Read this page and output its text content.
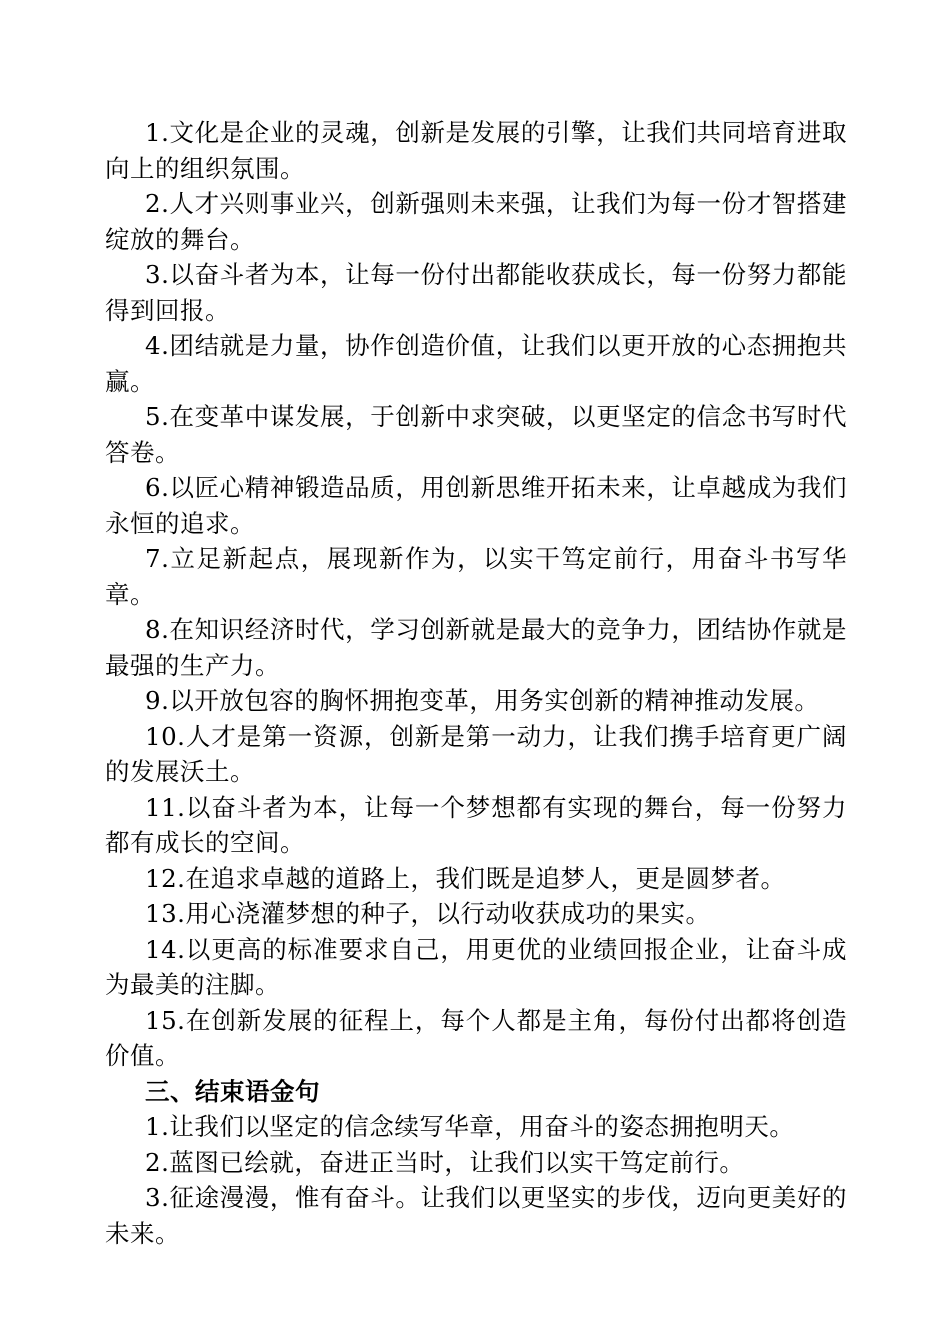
1.文化是企业的灵魂，创新是发展的引擎，让我们共同培育进取向上的组织氛围。

2.人才兴则事业兴，创新强则未来强，让我们为每一份才智搭建绽放的舞台。

3.以奋斗者为本，让每一份付出都能收获成长，每一份努力都能得到回报。

4.团结就是力量，协作创造价值，让我们以更开放的心态拥抱共赢。

5.在变革中谋发展，于创新中求突破，以更坚定的信念书写时代答卷。

6.以匠心精神锻造品质，用创新思维开拓未来，让卓越成为我们永恒的追求。

7.立足新起点，展现新作为，以实干笃定前行，用奋斗书写华章。

8.在知识经济时代，学习创新就是最大的竞争力，团结协作就是最强的生产力。

9.以开放包容的胸怀拥抱变革，用务实创新的精神推动发展。

10.人才是第一资源，创新是第一动力，让我们携手培育更广阔的发展沃土。

11.以奋斗者为本，让每一个梦想都有实现的舞台，每一份努力都有成长的空间。

12.在追求卓越的道路上，我们既是追梦人，更是圆梦者。

13.用心浇灌梦想的种子，以行动收获成功的果实。

14.以更高的标准要求自己，用更优的业绩回报企业，让奋斗成为最美的注脚。

15.在创新发展的征程上，每个人都是主角，每份付出都将创造价值。

三、结束语金句

1.让我们以坚定的信念续写华章，用奋斗的姿态拥抱明天。

2.蓝图已绘就，奋进正当时，让我们以实干笃定前行。

3.征途漫漫，惟有奋斗。让我们以更坚实的步伐，迈向更美好的未来。
